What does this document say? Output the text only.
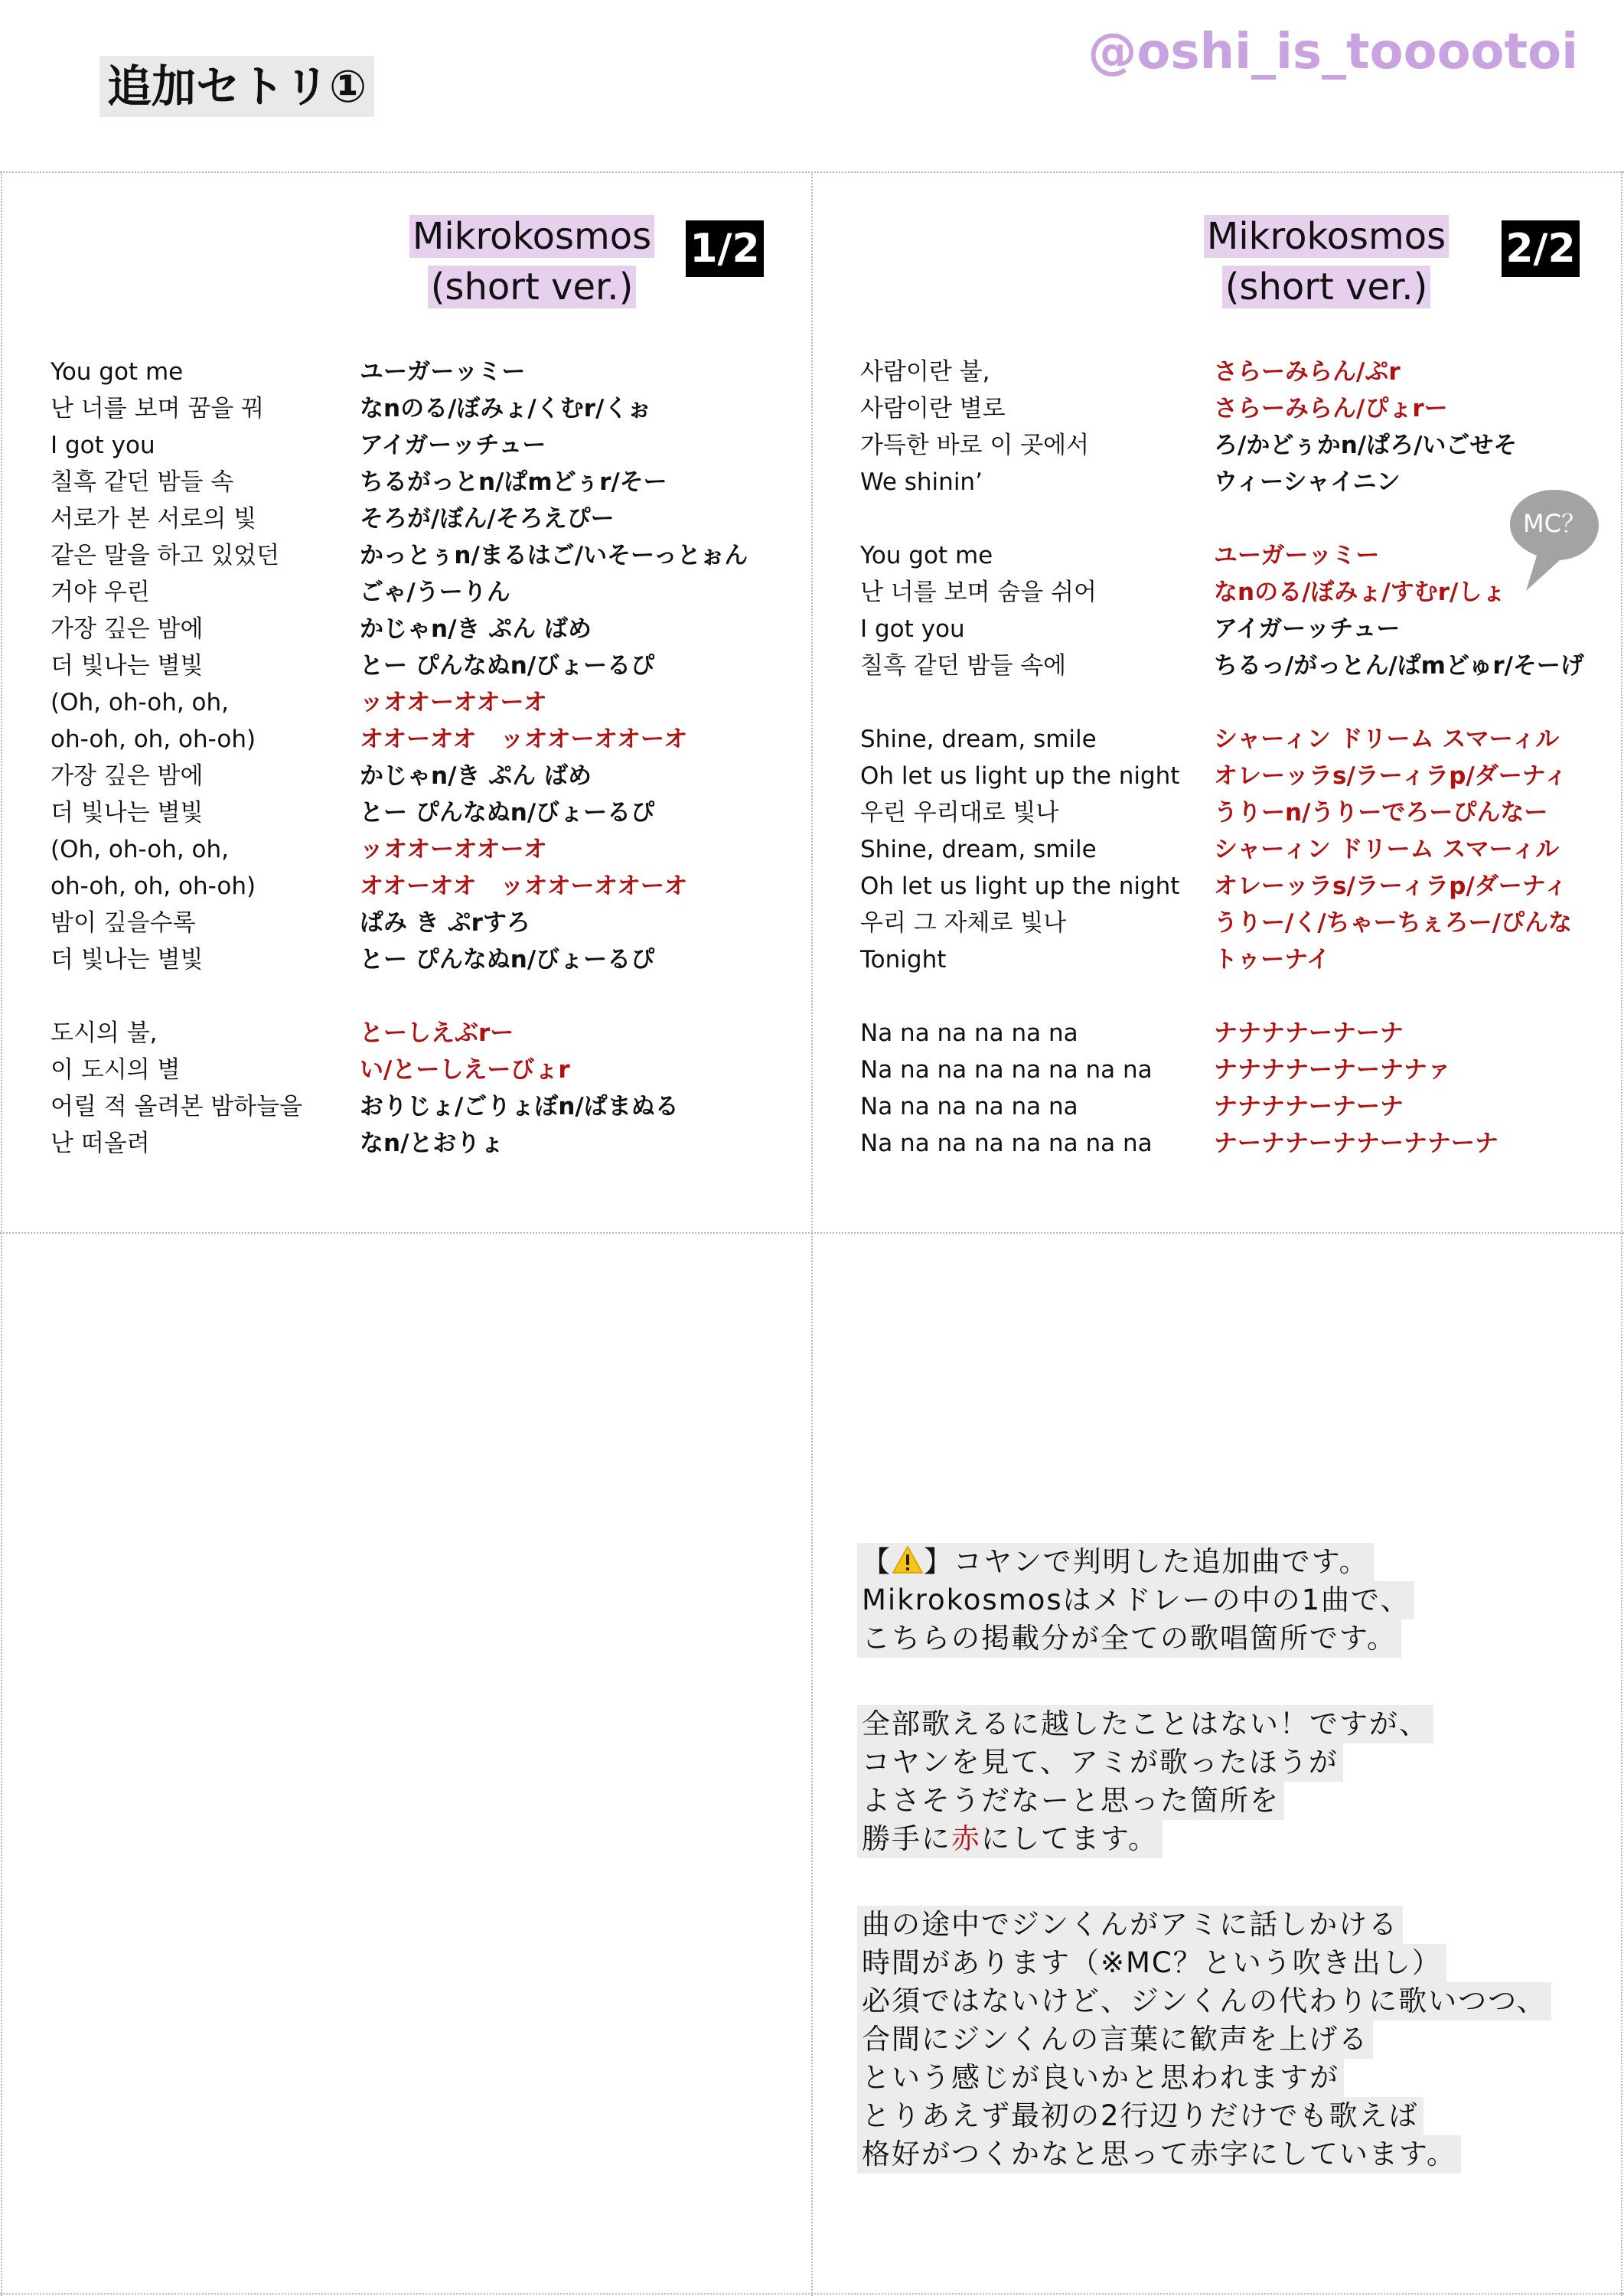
追加セトリ①
@oshi_is_tooootoi
Mikrokosmos
(short ver.)
1/2
You got me	ユーガーッミー
난 너를 보며 꿈을 꿔	なnのる/ぼみょ/くむr/くぉ
I got you	アイガーッチュー
칠흑 같던 밤들 속	ちるがっとn/ぱmどぅr/そー
서로가 본 서로의 빛	そろが/ぼん/そろえぴー
같은 말을 하고 있었던	かっとぅn/まるはご/いそーっとぉん
거야 우린	ごゃ/うーりん
가장 깊은 밤에	かじゃn/き ぷん ばめ
더 빛나는 별빛	とー ぴんなぬn/びょーるぴ
(Oh, oh-oh, oh,	ッオオーオオーオ
oh-oh, oh, oh-oh)	オオーオオ　ッオオーオオーオ
가장 깊은 밤에	かじゃn/き ぷん ばめ
더 빛나는 별빛	とー ぴんなぬn/びょーるぴ
(Oh, oh-oh, oh,	ッオオーオオーオ
oh-oh, oh, oh-oh)	オオーオオ　ッオオーオオーオ
밤이 깊을수록	ぱみ き ぷrすろ
더 빛나는 별빛	とー ぴんなぬn/びょーるぴ
도시의 불,	とーしえぶrー
이 도시의 별	い/とーしえーびょr
어릴 적 올려본 밤하늘을 おりじょ/ごりょぼn/ぱまぬる
난 떠올려	なn/とおりょ
Mikrokosmos
(short ver.)
2/2
사람이란 불,	さらーみらん/ぷr
사람이란 별로	さらーみらん/ぴょrー
가득한 바로 이 곳에서	ろ/かどぅかn/ぱろ/いごせそ
We shinin’	ウィーシャイニン
You got me	ユーガーッミー
난 너를 보며 숨을 쉬어	なnのる/ぼみょ/すむr/しょ
I got you	アイガーッチュー
칠흑 같던 밤들 속에	ちるっ/がっとん/ぱmどゅr/そーげ
Shine, dream, smile	シャーィン ドリーム スマーィル
Oh let us light up the night オレーッラs/ラーィラp/ダーナィ
우린 우리대로 빛나	うりーn/うりーでろーぴんなー
Shine, dream, smile	シャーィン ドリーム スマーィル
Oh let us light up the night オレーッラs/ラーィラp/ダーナィ
우리 그 자체로 빛나	うりー/く/ちゃーちぇろー/ぴんな
Tonight	トゥーナイ
Na na na na na na	ナナナナーナーナ
Na na na na na na na na	ナナナナーナーナナァ
Na na na na na na	ナナナナーナーナ
Na na na na na na na na	ナーナナーナナーナナーナ
MC？
【 】コヤンで判明した追加曲です。
Mikrokosmosはメドレーの中の1曲で、
こちらの掲載分が全ての歌唱箇所です。
全部歌えるに越したことはない！ですが、
コヤンを見て、アミが歌ったほうが
よさそうだなーと思った箇所を
勝手に赤にしてます。
曲の途中でジンくんがアミに話しかける
時間があります（※MC？という吹き出し）
必須ではないけど、ジンくんの代わりに歌いつつ、
合間にジンくんの言葉に歓声を上げる
という感じが良いかと思われますが
とりあえず最初の2行辺りだけでも歌えば
格好がつくかなと思って赤字にしています。
